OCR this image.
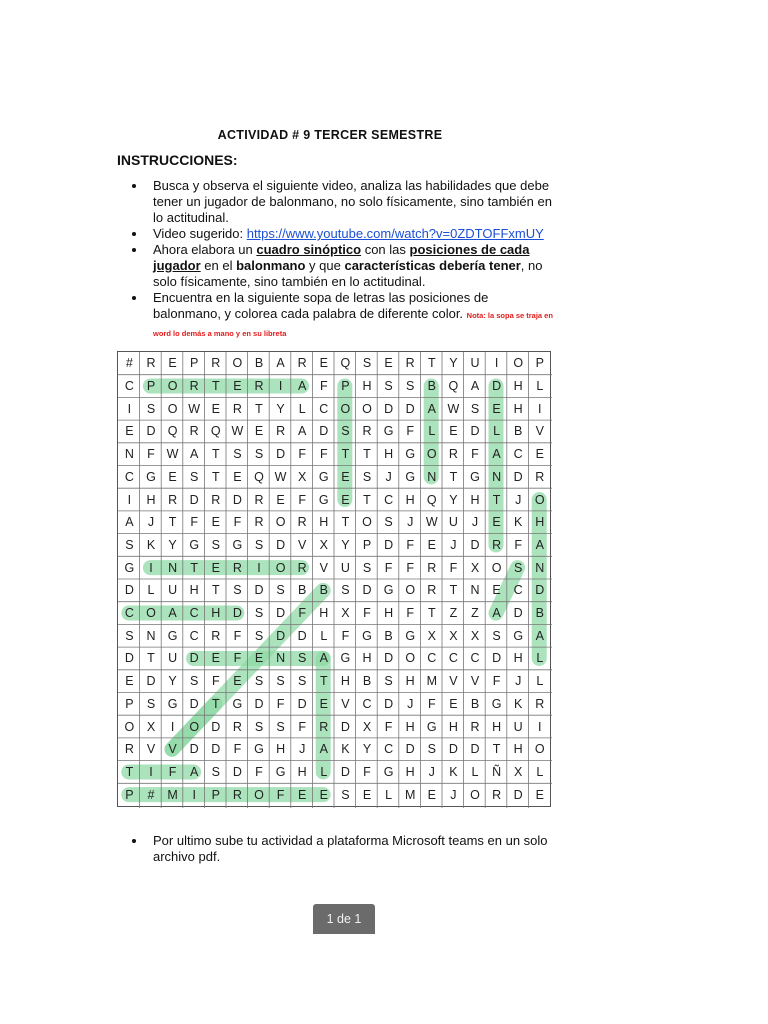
ACTIVIDAD # 9 TERCER SEMESTRE
INSTRUCCIONES:
Busca y observa el siguiente video, analiza las habilidades que debe tener un jugador de balonmano, no solo físicamente, sino también en lo actitudinal.
Video sugerido: https://www.youtube.com/watch?v=0ZDTOFFxmUY
Ahora elabora un cuadro sinóptico con las posiciones de cada jugador en el balonmano y que características debería tener, no solo físicamente, sino también en lo actitudinal.
Encuentra en la siguiente sopa de letras las posiciones de balonmano, y colorea cada palabra de diferente color. Nota: la sopa se traja en word lo demás a mano y en su libreta
#	R	E	P	R O	B	A	R	E	Q	S	E	R	T	Y	U	I	O	P
C	P	O R	T	E	R	I	A	F	P	H	S	S	B	Q	A	D	H	L
I	S	O W E	R	T	Y	L	C O O D	D	A W S	E	H	I
E	D Q R Q W E	R	A	D	S	R G	F	L	E	D	L	B	V
N	F W A	T	S	S	D	F	F	T	T	H G O R	F	A	C	E
C G	E	S	T	E	Q W X	G	E	S	J	G N	T	G N	D	R
I	H	R	D	R	D	R	E	F	G	E	T	C	H Q	Y	H	T	J	O
A	J	T	F	E	F	R O R	H	T	O	S	J	W U	J	E	K	H
S	K	Y	G	S	G	S	D	V	X	Y	P	D	F	E	J	D	R	F	A
G	I	N	T	E	R	I	O R	V	U	S	F	F	R	F	X	O	S	N
D	L	U	H	T	S	D	S	B	B	S	D G O R	T	N	E	C	D
C O	A	C	H	D	S	D	F	H	X	F	H	F	T	Z	Z	A	D	B
S	N G C	R	F	S	D	D	L	F	G	B	G	X	X	X	S	G	A
D	T	U	D	E	F	E	N	S	A	G H	D O C	C	C	D	H	L
E	D	Y	S	F	E	S	S	S	T	H	B	S	H M V	V	F	J	L
P	S	G D	T	G D	F	D	E	V	C	D	J	F	E	B	G	K	R
O	X	I	O D	R	S	S	F	R	D	X	F	H G H	R	H	U	I
R	V	V	D	D	F	G H	J	A	K	Y	C	D	S	D	D	T	H O
T	I	F	A	S	D	F	G H	L	D	F	G H	J	K	L	Ñ	X	L
P	#	M	I	P	R O	F	E	E	S	E	L	M E	J	O R	D	E
Por ultimo sube tu actividad a plataforma Microsoft teams en un solo archivo pdf.
1 de 1
